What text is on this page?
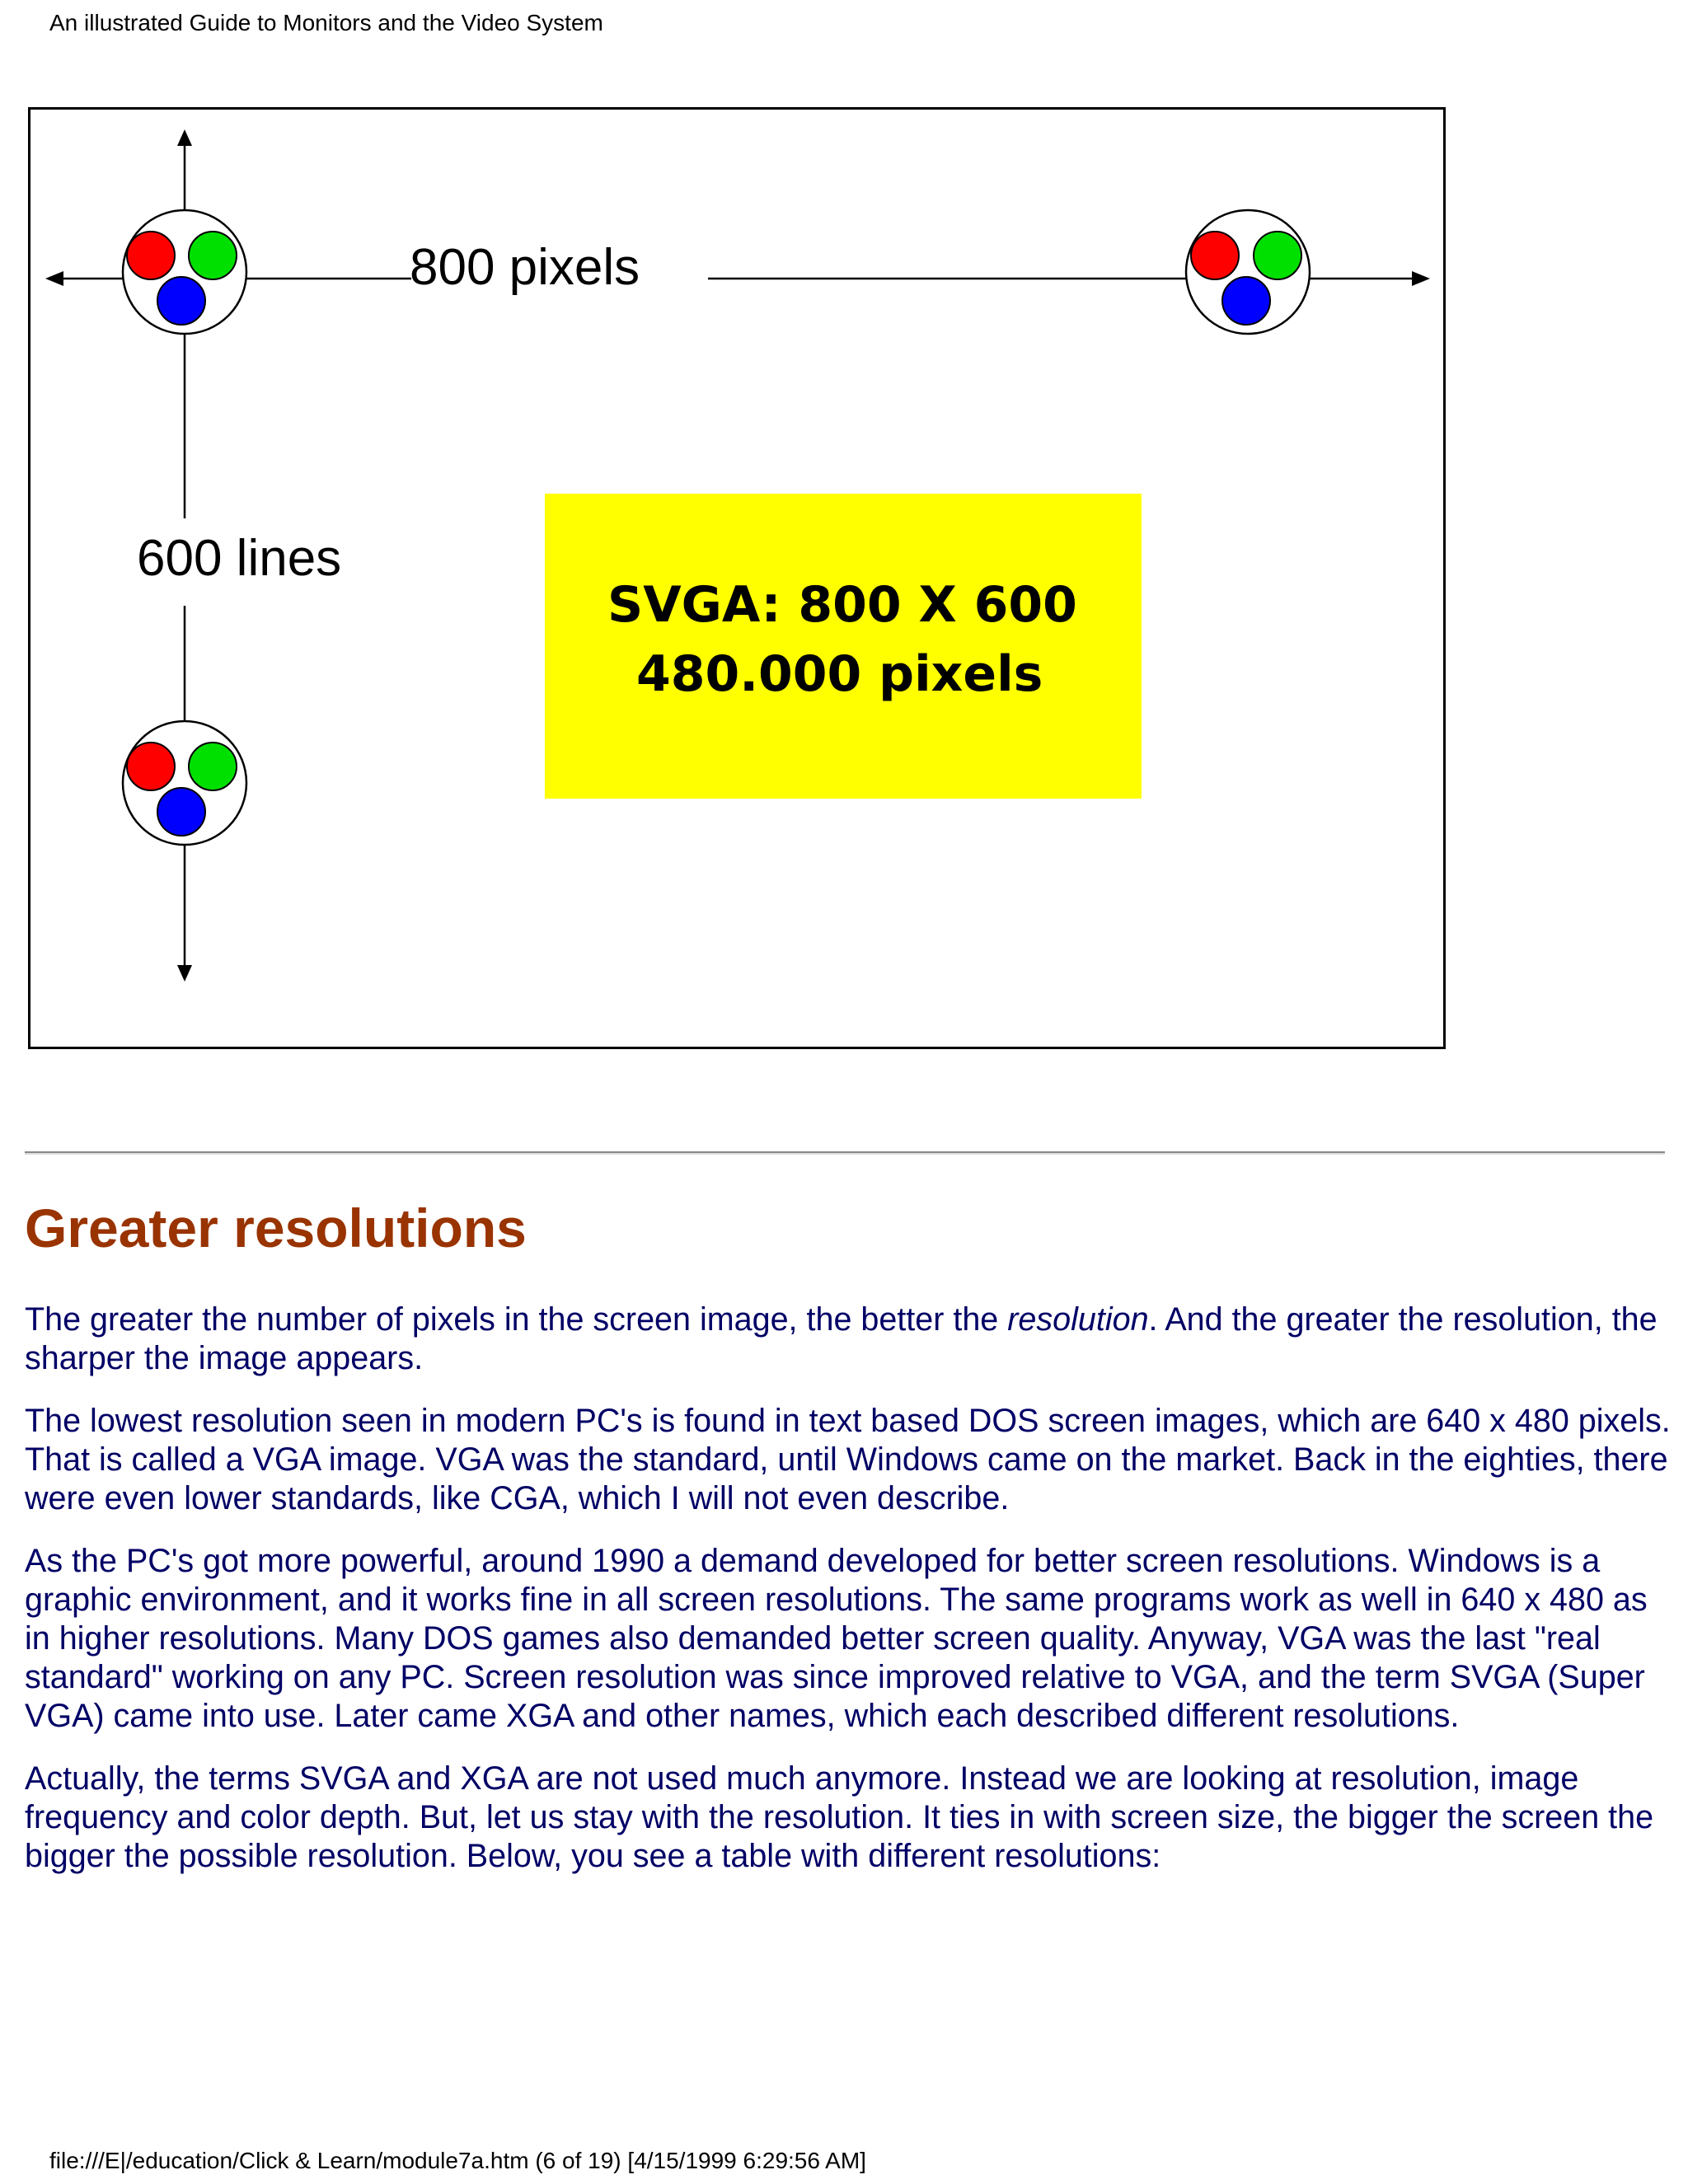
An illustrated Guide to Monitors and the Video System
800 pixels
600 lines
SVGA: 800 X 600
480.000 pixels
Greater resolutions

The greater the number of pixels in the screen image, the better the resolution. And the greater the resolution, the sharper the image appears.

The lowest resolution seen in modern PC's is found in text based DOS screen images, which are 640 x 480 pixels. That is called a VGA image. VGA was the standard, until Windows came on the market. Back in the eighties, there were even lower standards, like CGA, which I will not even describe.

As the PC's got more powerful, around 1990 a demand developed for better screen resolutions. Windows is a graphic environment, and it works fine in all screen resolutions. The same programs work as well in 640 x 480 as in higher resolutions. Many DOS games also demanded better screen quality. Anyway, VGA was the last "real standard" working on any PC. Screen resolution was since improved relative to VGA, and the term SVGA (Super VGA) came into use. Later came XGA and other names, which each described different resolutions.

Actually, the terms SVGA and XGA are not used much anymore. Instead we are looking at resolution, image frequency and color depth. But, let us stay with the resolution. It ties in with screen size, the bigger the screen the bigger the possible resolution. Below, you see a table with different resolutions:

file:///E|/education/Click & Learn/module7a.htm (6 of 19) [4/15/1999 6:29:56 AM]
